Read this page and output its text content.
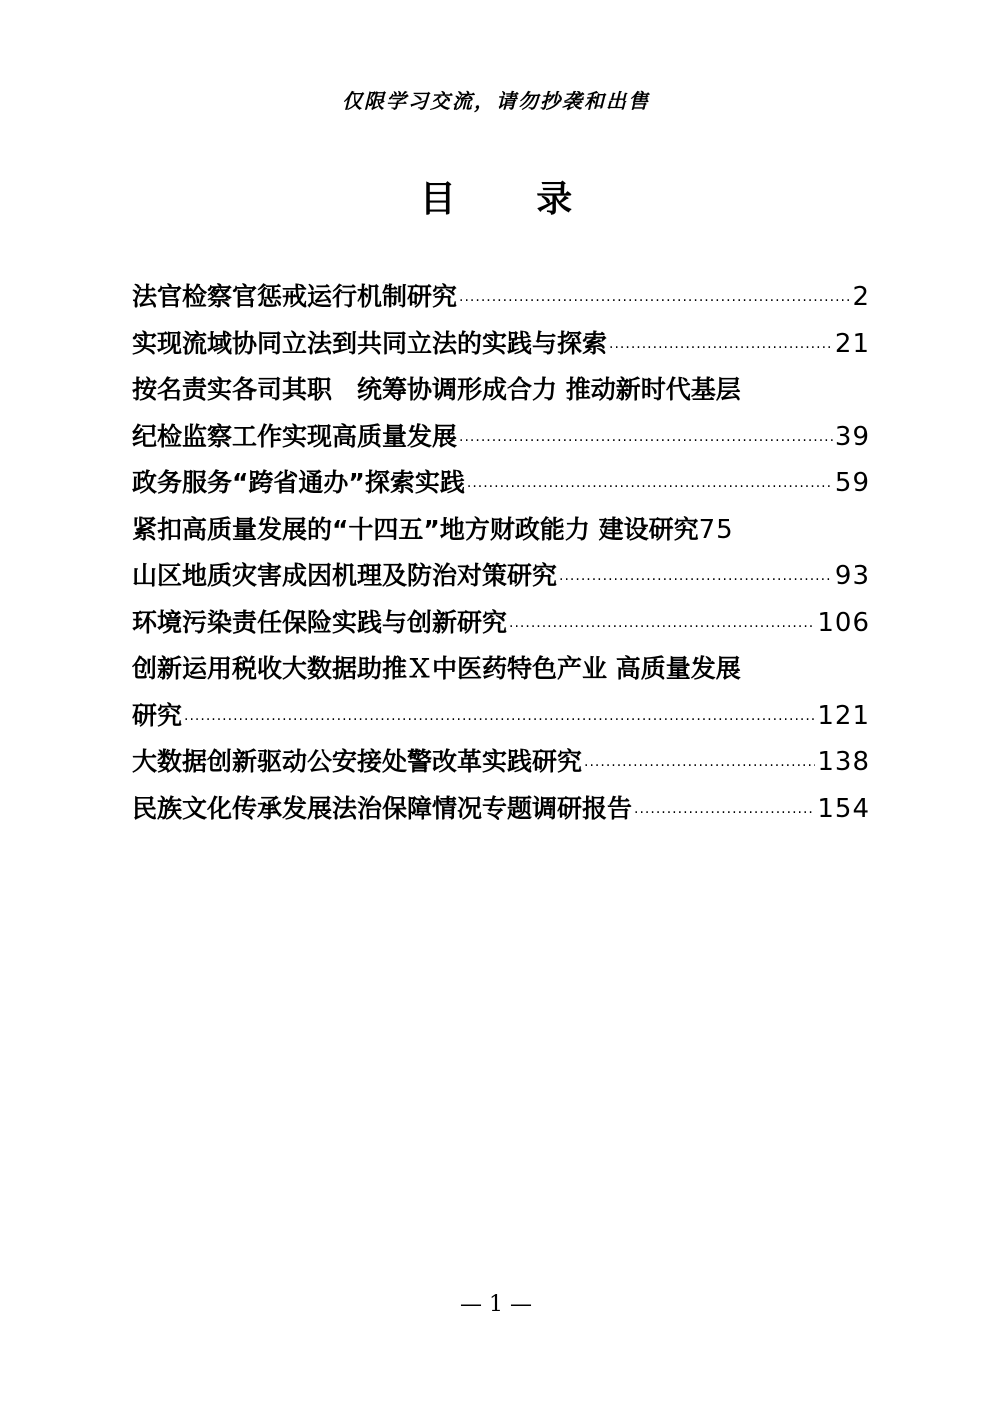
仅限学习交流，请勿抄袭和出售
目 录
法官检察官惩戒运行机制研究 ·····	2
实现流域协同立法到共同立法的实践与探索 ·····	21
按名责实各司其职　统筹协调形成合力 推动新时代基层
纪检监察工作实现高质量发展 ·····	39
政务服务“跨省通办”探索实践 ·····	59
紧扣高质量发展的“十四五”地方财政能力 建设研究 75
山区地质灾害成因机理及防治对策研究 ·····	93
环境污染责任保险实践与创新研究 ·····	106
创新运用税收大数据助推Ｘ中医药特色产业 高质量发展
研究 ·····	121
大数据创新驱动公安接处警改革实践研究 ·····	138
民族文化传承发展法治保障情况专题调研报告 ·····	154
— 1 —
